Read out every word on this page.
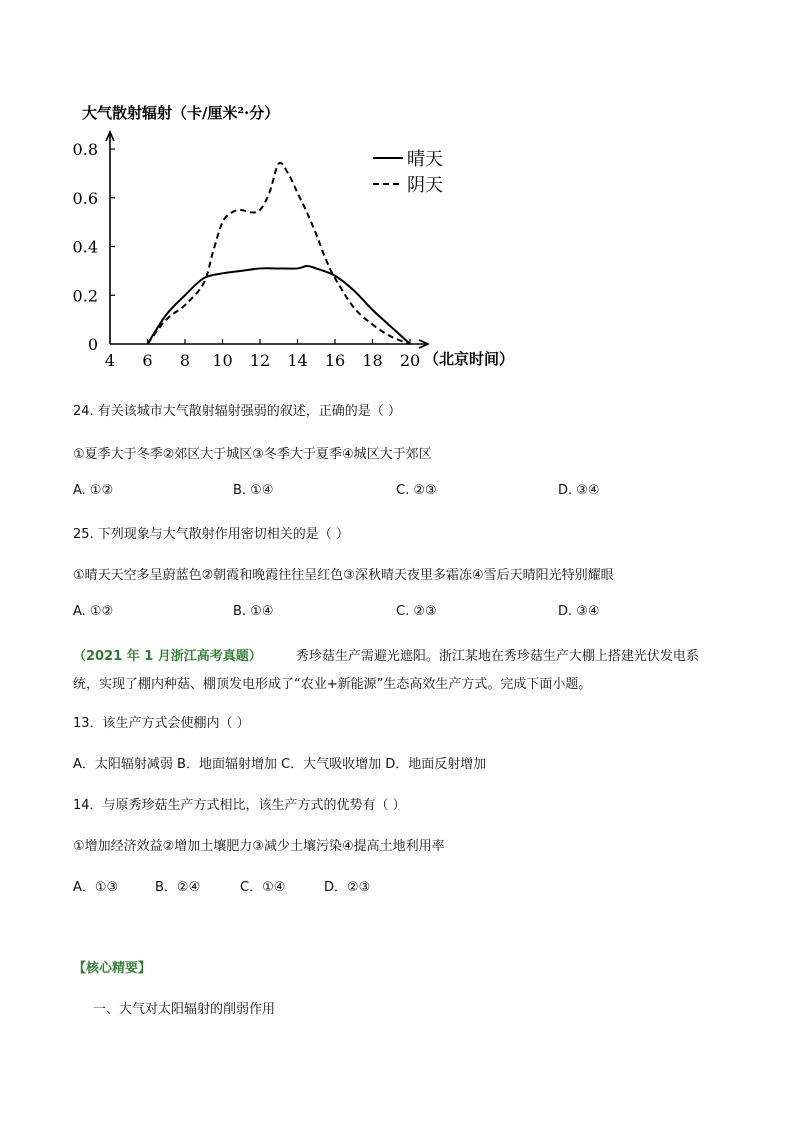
大气散射辐射（卡/厘米²·分）
4 6 8 10 12 14 16 18 20
0
0.2
0.4
0.6
0.8	晴天
阴天
（北京时间）
24. 有关该城市大气散射辐射强弱的叙述，正确的是（ ）
①夏季大于冬季②郊区大于城区③冬季大于夏季④城区大于郊区
A. ①②	B. ①④	C. ②③	D. ③④
25. 下列现象与大气散射作用密切相关的是（ ）
①晴天天空多呈蔚蓝色②朝霞和晚霞往往呈红色③深秋晴天夜里多霜冻④雪后天晴阳光特别耀眼
A. ①②	B. ①④	C. ②③	D. ③④
（2021 年 1 月浙江高考真题）	秀珍菇生产需避光遮阳。浙江某地在秀珍菇生产大棚上搭建光伏发电系
统，实现了棚内种菇、棚顶发电形成了“农业+新能源”生态高效生产方式。完成下面小题。
13．该生产方式会使棚内（ ）
A．太阳辐射减弱 B．地面辐射增加 C．大气吸收增加 D．地面反射增加
14．与原秀珍菇生产方式相比，该生产方式的优势有（ ）
①增加经济效益②增加土壤肥力③减少土壤污染④提高土地利用率
A．①③	B．②④	C．①④	D．②③
【核心精要】
一、大气对太阳辐射的削弱作用
